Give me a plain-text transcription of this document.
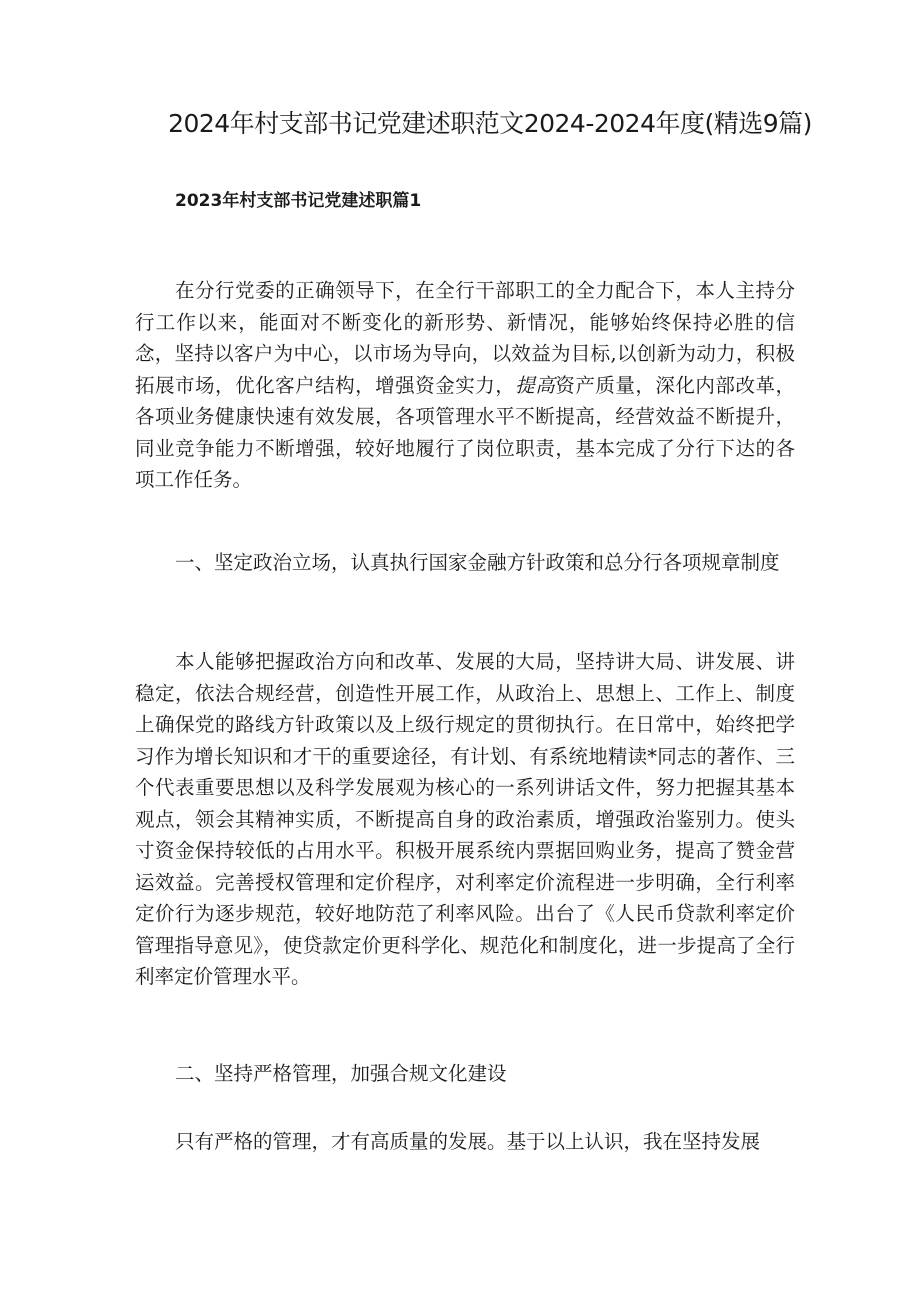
2024年村支部书记党建述职范文2024-2024年度(精选9篇)
2023年村支部书记党建述职篇1

在分行党委的正确领导下，在全行干部职工的全力配合下，本人主持分行工作以来，能面对不断变化的新形势、新情况，能够始终保持必胜的信念，坚持以客户为中心，以市场为导向，以效益为目标,以创新为动力，积极拓展市场，优化客户结构，增强资金实力，提高资产质量，深化内部改革，各项业务健康快速有效发展，各项管理水平不断提高，经营效益不断提升，同业竞争能力不断增强，较好地履行了岗位职责，基本完成了分行下达的各项工作任务。

一、坚定政治立场，认真执行国家金融方针政策和总分行各项规章制度

本人能够把握政治方向和改革、发展的大局，坚持讲大局、讲发展、讲稳定，依法合规经营，创造性开展工作，从政治上、思想上、工作上、制度上确保党的路线方针政策以及上级行规定的贯彻执行。在日常中，始终把学习作为增长知识和才干的重要途径，有计划、有系统地精读*同志的著作、三个代表重要思想以及科学发展观为核心的一系列讲话文件，努力把握其基本观点，领会其精神实质，不断提高自身的政治素质，增强政治鉴别力。使头寸资金保持较低的占用水平。积极开展系统内票据回购业务，提高了赞金营运效益。完善授权管理和定价程序，对利率定价流程进一步明确，全行利率定价行为逐步规范，较好地防范了利率风险。出台了《人民币贷款利率定价管理指导意见》，使贷款定价更科学化、规范化和制度化，进一步提高了全行利率定价管理水平。

二、坚持严格管理，加强合规文化建设

只有严格的管理，才有高质量的发展。基于以上认识，我在坚持发展
